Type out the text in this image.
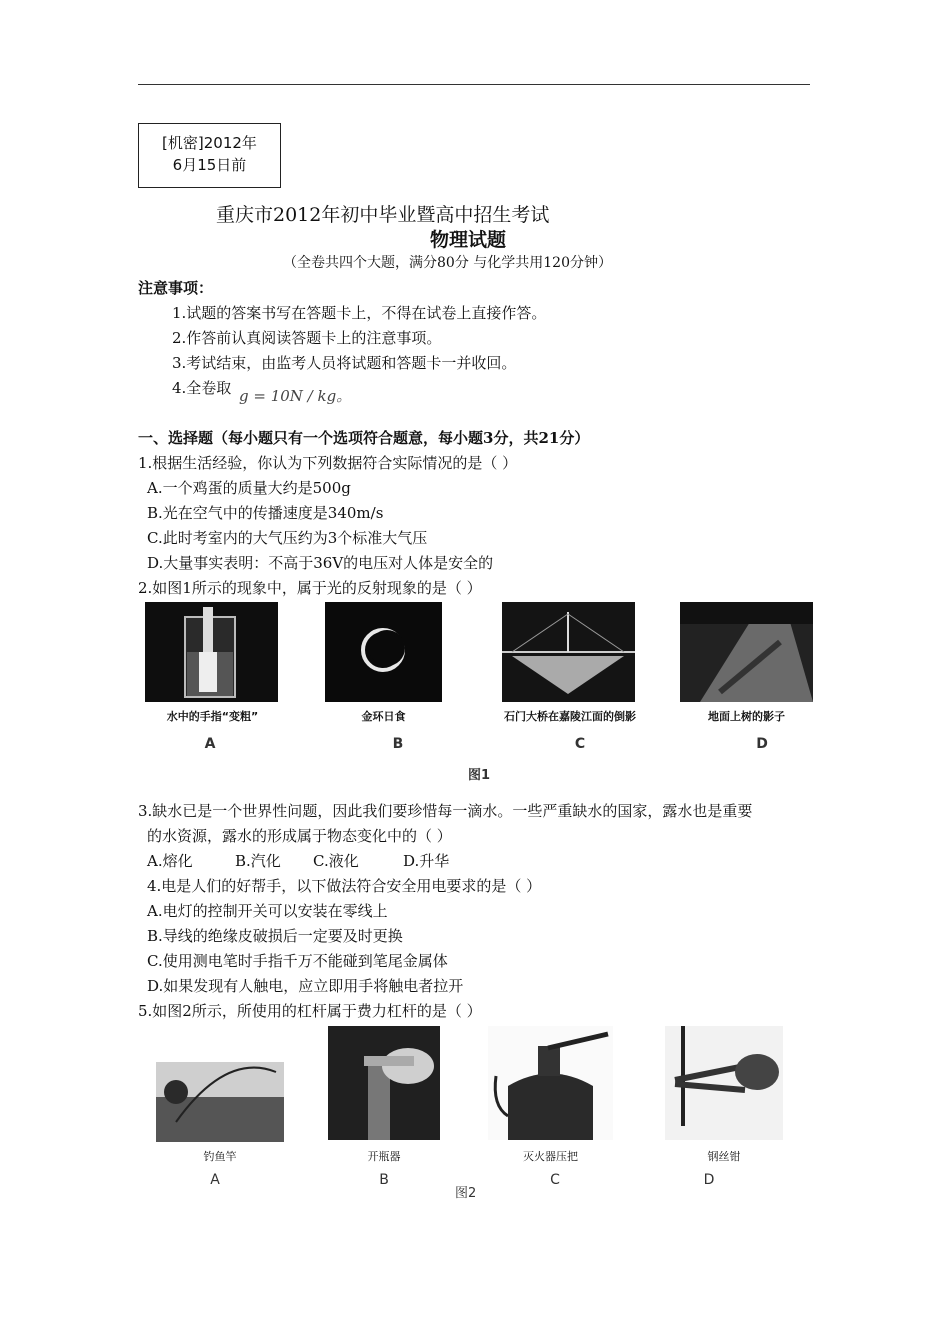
[机密]2012年
6月15日前
重庆市2012年初中毕业暨高中招生考试
物理试题
（全卷共四个大题，满分80分 与化学共用120分钟）
注意事项：
1.试题的答案书写在答题卡上，不得在试卷上直接作答。
2.作答前认真阅读答题卡上的注意事项。
3.考试结束，由监考人员将试题和答题卡一并收回。
4.全卷取 g = 10N / kg。
一、选择题（每小题只有一个选项符合题意，每小题3分，共21分）
1.根据生活经验，你认为下列数据符合实际情况的是（ ）
A.一个鸡蛋的质量大约是500g
B.光在空气中的传播速度是340m/s
C.此时考室内的大气压约为3个标准大气压
D.大量事实表明：不高于36V的电压对人体是安全的
2.如图1所示的现象中，属于光的反射现象的是（ ）
水中的手指“变粗”
A
金环日食
B
石门大桥在嘉陵江面的倒影
C
地面上树的影子
D
图1
3.缺水已是一个世界性问题，因此我们要珍惜每一滴水。一些严重缺水的国家，露水也是重要
的水资源，露水的形成属于物态变化中的（ ）
A.熔化	B.汽化 C.液化	D.升华
4.电是人们的好帮手，以下做法符合安全用电要求的是（ ）
A.电灯的控制开关可以安装在零线上
B.导线的绝缘皮破损后一定要及时更换
C.使用测电笔时手指千万不能碰到笔尾金属体
D.如果发现有人触电，应立即用手将触电者拉开
5.如图2所示，所使用的杠杆属于费力杠杆的是（ ）
钓鱼竿
A
开瓶器
B
灭火器压把
C
钢丝钳
D
图2
